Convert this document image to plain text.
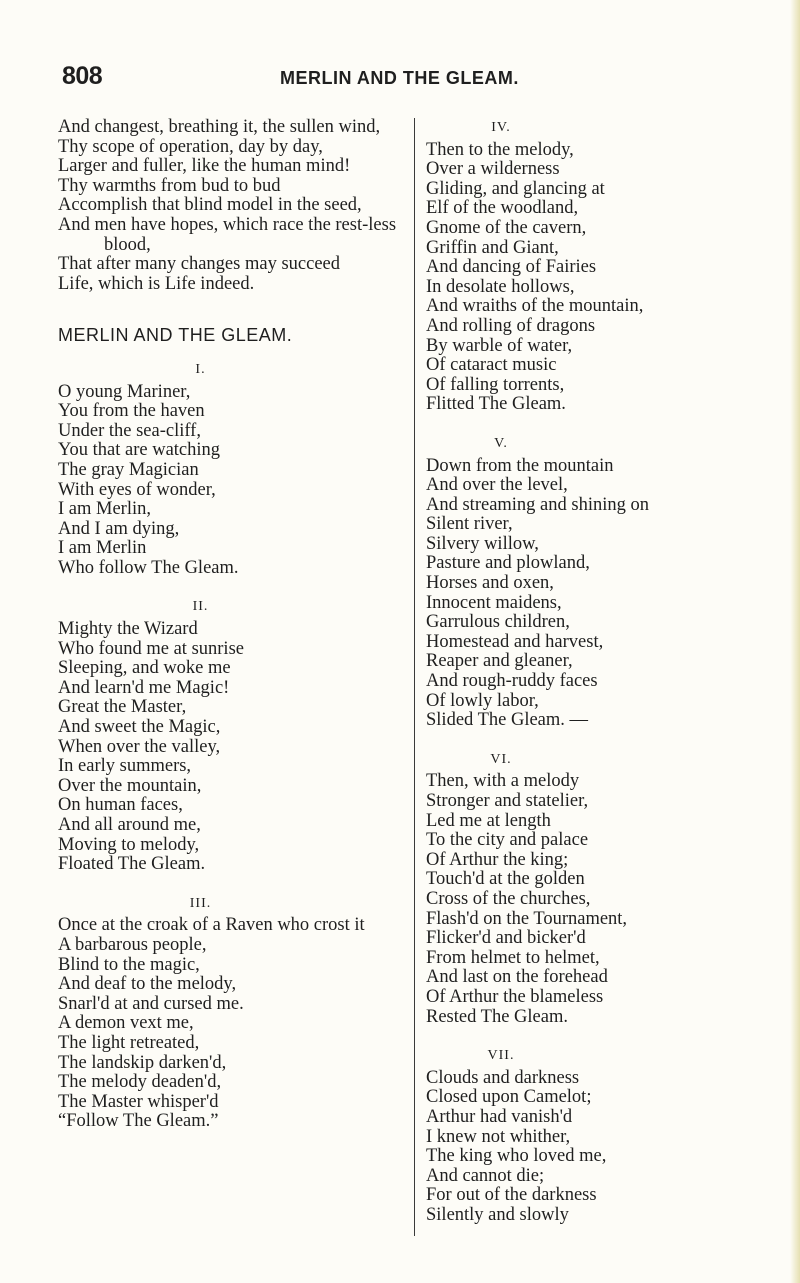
808	MERLIN AND THE GLEAM.
And changest, breathing it, the sullen wind,
Thy scope of operation, day by day,
Larger and fuller, like the human mind!
Thy warmths from bud to bud
Accomplish that blind model in the seed,
And men have hopes, which race the rest-less blood,
That after many changes may succeed
Life, which is Life indeed.
MERLIN AND THE GLEAM.
I.
O young Mariner,
You from the haven
Under the sea-cliff,
You that are watching
The gray Magician
With eyes of wonder,
I am Merlin,
And I am dying,
I am Merlin
Who follow The Gleam.
II.
Mighty the Wizard
Who found me at sunrise
Sleeping, and woke me
And learn'd me Magic!
Great the Master,
And sweet the Magic,
When over the valley,
In early summers,
Over the mountain,
On human faces,
And all around me,
Moving to melody,
Floated The Gleam.
III.
Once at the croak of a Raven who crost it
A barbarous people,
Blind to the magic,
And deaf to the melody,
Snarl'd at and cursed me.
A demon vext me,
The light retreated,
The landskip darken'd,
The melody deaden'd,
The Master whisper'd
“Follow The Gleam.”
IV.
Then to the melody,
Over a wilderness
Gliding, and glancing at
Elf of the woodland,
Gnome of the cavern,
Griffin and Giant,
And dancing of Fairies
In desolate hollows,
And wraiths of the mountain,
And rolling of dragons
By warble of water,
Of cataract music
Of falling torrents,
Flitted The Gleam.
V.
Down from the mountain
And over the level,
And streaming and shining on
Silent river,
Silvery willow,
Pasture and plowland,
Horses and oxen,
Innocent maidens,
Garrulous children,
Homestead and harvest,
Reaper and gleaner,
And rough-ruddy faces
Of lowly labor,
Slided The Gleam. —
VI.
Then, with a melody
Stronger and statelier,
Led me at length
To the city and palace
Of Arthur the king;
Touch'd at the golden
Cross of the churches,
Flash'd on the Tournament,
Flicker'd and bicker'd
From helmet to helmet,
And last on the forehead
Of Arthur the blameless
Rested The Gleam.
VII.
Clouds and darkness
Closed upon Camelot;
Arthur had vanish'd
I knew not whither,
The king who loved me,
And cannot die;
For out of the darkness
Silently and slowly
